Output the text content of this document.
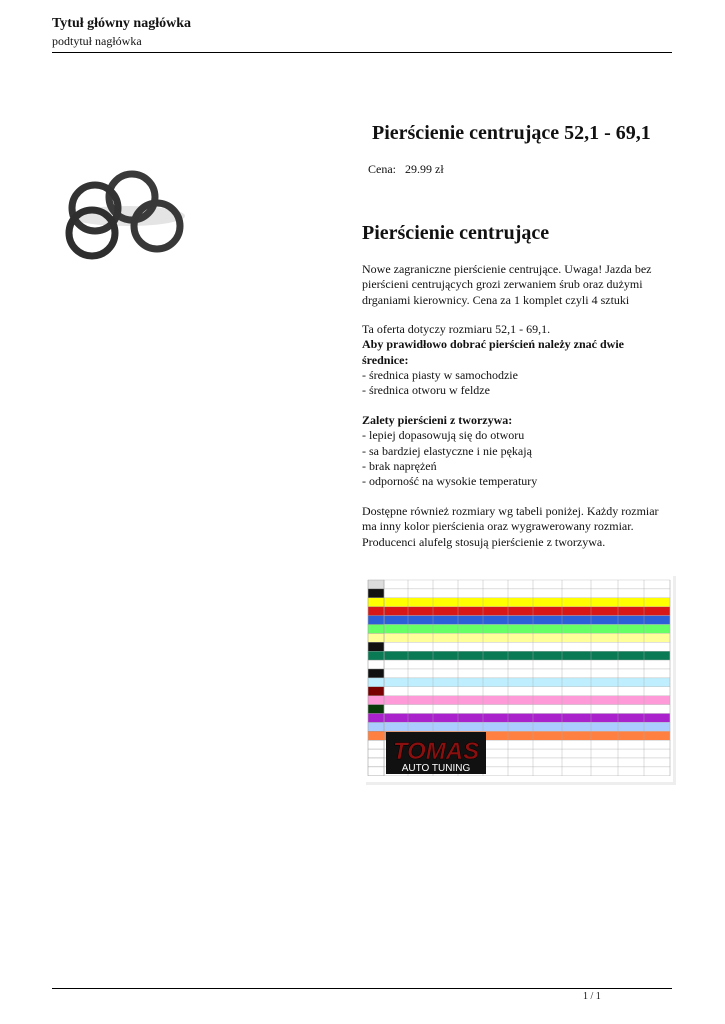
Tytuł główny nagłówka
podtytuł nagłówka
Pierścienie centrujące 52,1 - 69,1
Cena: 29.99 zł
Pierścienie centrujące
Nowe zagraniczne pierścienie centrujące. Uwaga! Jazda bez
pierścieni centrujących grozi zerwaniem śrub oraz dużymi
drganiami kierownicy. Cena za 1 komplet czyli 4 sztuki
Ta oferta dotyczy rozmiaru 52,1 - 69,1.
Aby prawidłowo dobrać pierścień należy znać dwie
średnice:
- średnica piasty w samochodzie
- średnica otworu w feldze
Zalety pierścieni z tworzywa:
- lepiej dopasowują się do otworu
- sa bardziej elastyczne i nie pękają
- brak naprężeń
- odporność na wysokie temperatury
Dostępne również rozmiary wg tabeli poniżej. Każdy rozmiar
ma inny kolor pierścienia oraz wygrawerowany rozmiar.
Producenci alufelg stosują pierścienie z tworzywa.
TOMAS
AUTO TUNING
1 / 1
